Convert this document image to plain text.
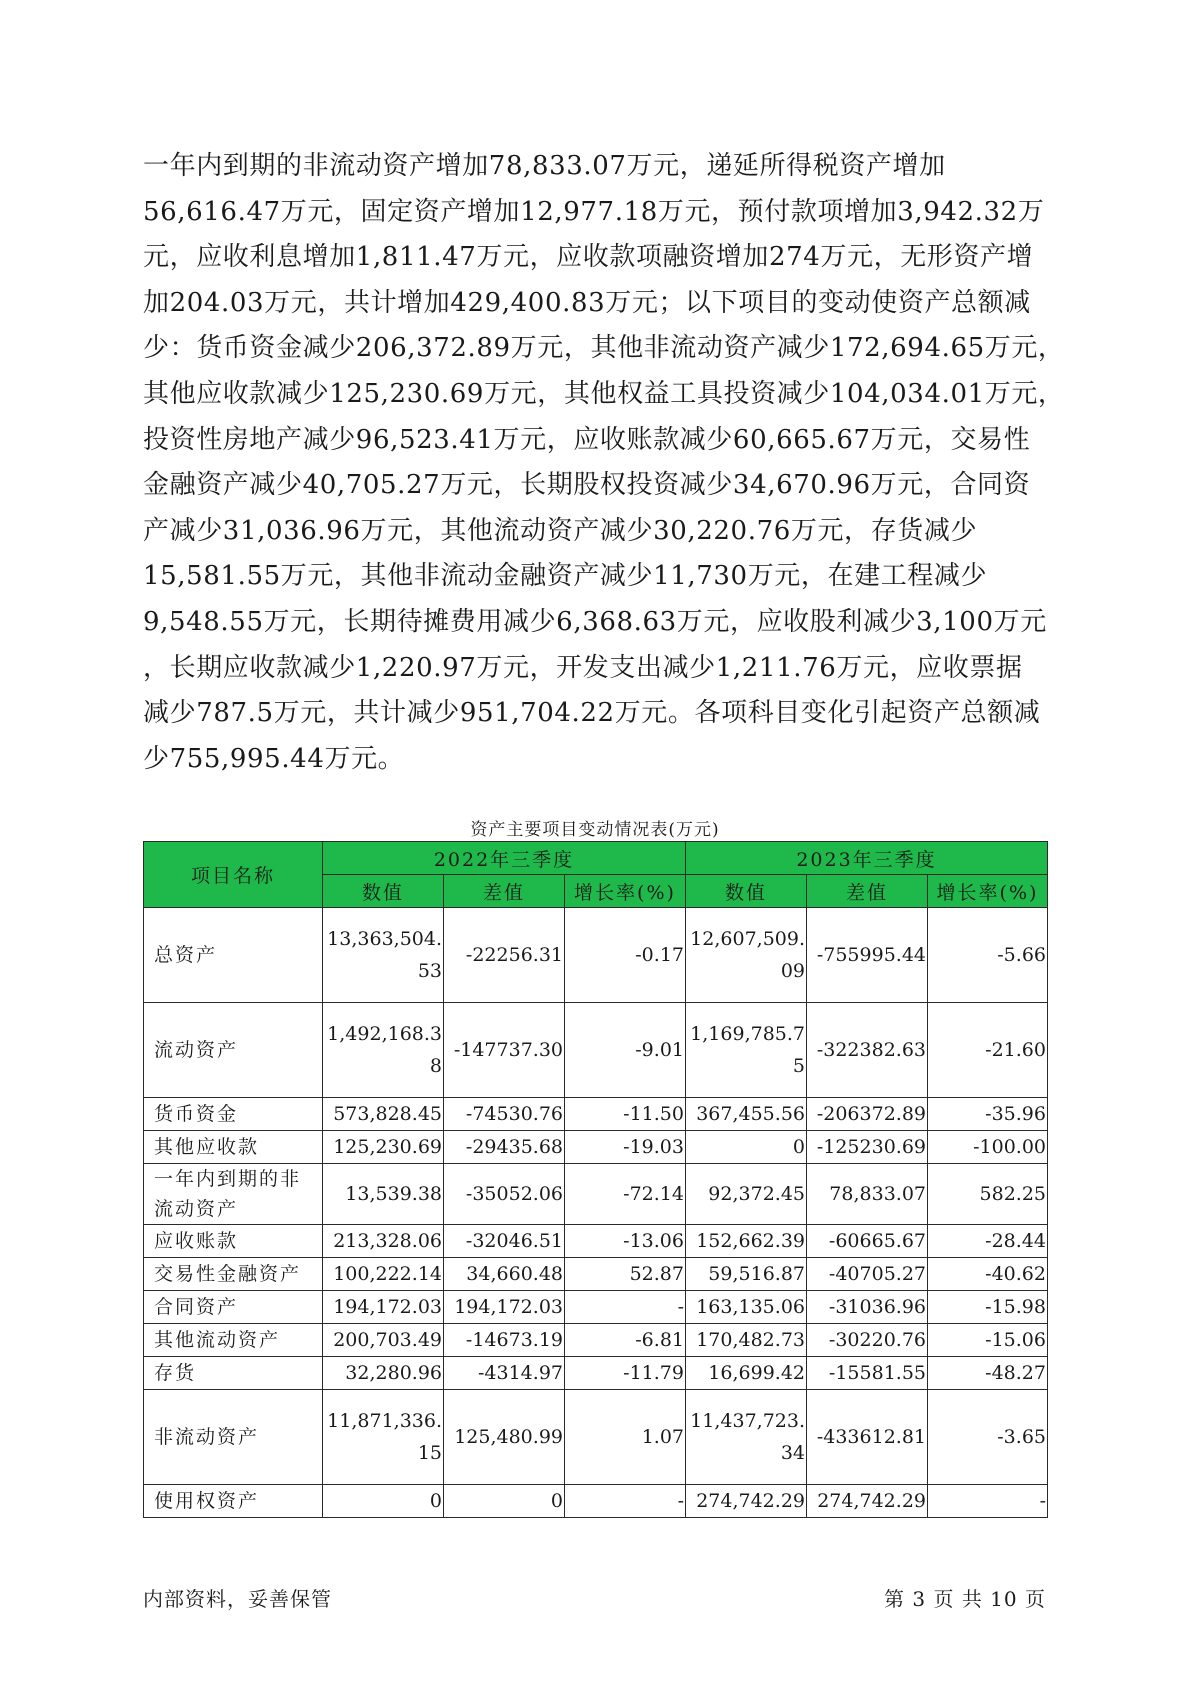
一年内到期的非流动资产增加78,833.07万元，递延所得税资产增加
56,616.47万元，固定资产增加12,977.18万元，预付款项增加3,942.32万
元，应收利息增加1,811.47万元，应收款项融资增加274万元，无形资产增
加204.03万元，共计增加429,400.83万元；以下项目的变动使资产总额减
少：货币资金减少206,372.89万元，其他非流动资产减少172,694.65万元，
其他应收款减少125,230.69万元，其他权益工具投资减少104,034.01万元，
投资性房地产减少96,523.41万元，应收账款减少60,665.67万元，交易性
金融资产减少40,705.27万元，长期股权投资减少34,670.96万元，合同资
产减少31,036.96万元，其他流动资产减少30,220.76万元，存货减少
15,581.55万元，其他非流动金融资产减少11,730万元，在建工程减少
9,548.55万元，长期待摊费用减少6,368.63万元，应收股利减少3,100万元
，长期应收款减少1,220.97万元，开发支出减少1,211.76万元，应收票据
减少787.5万元，共计减少951,704.22万元。各项科目变化引起资产总额减
少755,995.44万元。
资产主要项目变动情况表(万元)
项目名称	2022年三季度			2023年三季度		
	数值	差值	增长率(%)	数值	差值	增长率(%)
总资产	13,363,504.53	-22256.31	-0.17	12,607,509.09	-755995.44	-5.66
流动资产	1,492,168.38	-147737.30	-9.01	1,169,785.75	-322382.63	-21.60
货币资金	573,828.45	-74530.76	-11.50	367,455.56	-206372.89	-35.96
其他应收款	125,230.69	-29435.68	-19.03	0	-125230.69	-100.00
一年内到期的非流动资产	13,539.38	-35052.06	-72.14	92,372.45	78,833.07	582.25
应收账款	213,328.06	-32046.51	-13.06	152,662.39	-60665.67	-28.44
交易性金融资产	100,222.14	34,660.48	52.87	59,516.87	-40705.27	-40.62
合同资产	194,172.03	194,172.03	-	163,135.06	-31036.96	-15.98
其他流动资产	200,703.49	-14673.19	-6.81	170,482.73	-30220.76	-15.06
存货	32,280.96	-4314.97	-11.79	16,699.42	-15581.55	-48.27
非流动资产	11,871,336.15	125,480.99	1.07	11,437,723.34	-433612.81	-3.65
使用权资产	0	0	-	274,742.29	274,742.29	-
内部资料，妥善保管	第 3 页 共 10 页
